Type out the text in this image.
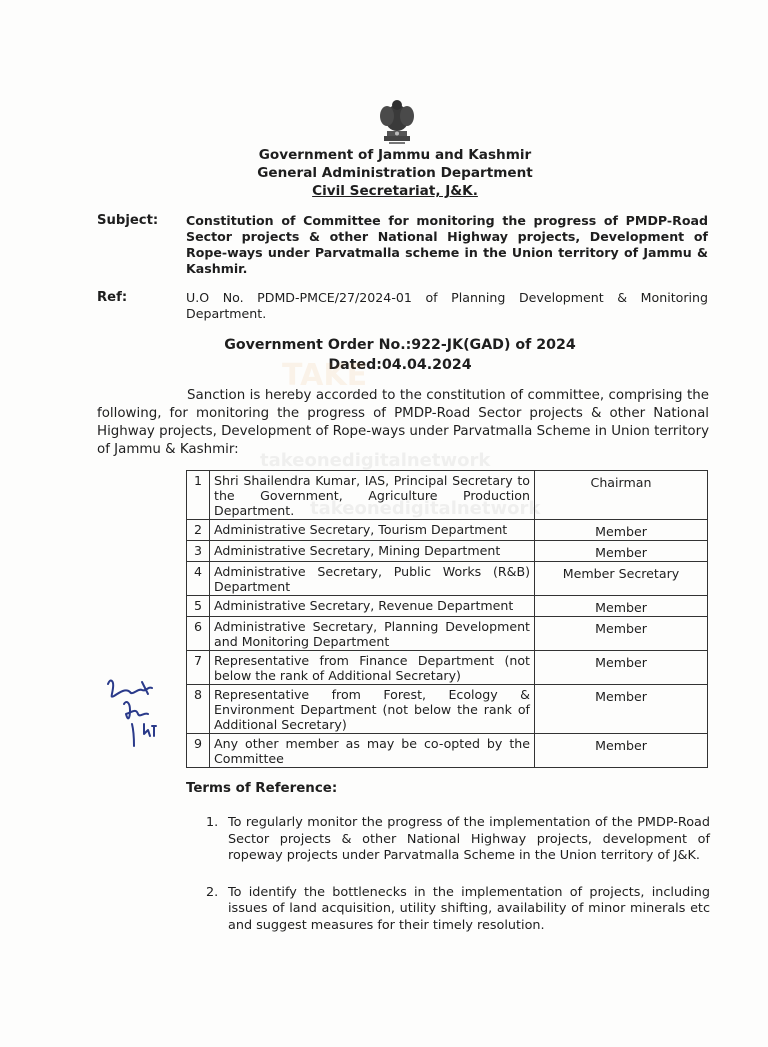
Government of Jammu and Kashmir
General Administration Department
Civil Secretariat, J&K.
Subject: Constitution of Committee for monitoring the progress of PMDP-Road Sector projects & other National Highway projects, Development of Rope-ways under Parvatmalla scheme in the Union territory of Jammu & Kashmir.
Ref:	U.O No. PDMD-PMCE/27/2024-01 of Planning Development & Monitoring Department.
Government Order No.:922-JK(GAD) of 2024
Dated:04.04.2024
TAKE
takeonedigitalnetwork
takeonedigitalnetwork
Sanction is hereby accorded to the constitution of committee, comprising the following, for monitoring the progress of PMDP-Road Sector projects & other National Highway projects, Development of Rope-ways under Parvatmalla Scheme in Union territory of Jammu & Kashmir:
1	Shri Shailendra Kumar, IAS, Principal Secretary to the Government, Agriculture Production Department.	Chairman
2	Administrative Secretary, Tourism Department	Member
3	Administrative Secretary, Mining Department	Member
4	Administrative Secretary, Public Works (R&B) Department	Member Secretary
5	Administrative Secretary, Revenue Department	Member
6	Administrative Secretary, Planning Development and Monitoring Department	Member
7	Representative from Finance Department (not below the rank of Additional Secretary)	Member
8	Representative from Forest, Ecology & Environment Department (not below the rank of Additional Secretary)	Member
9	Any other member as may be co-opted by the Committee	Member
Terms of Reference:
1. To regularly monitor the progress of the implementation of the PMDP-Road Sector projects & other National Highway projects, development of ropeway projects under Parvatmalla Scheme in the Union territory of J&K.
2. To identify the bottlenecks in the implementation of projects, including issues of land acquisition, utility shifting, availability of minor minerals etc and suggest measures for their timely resolution.
